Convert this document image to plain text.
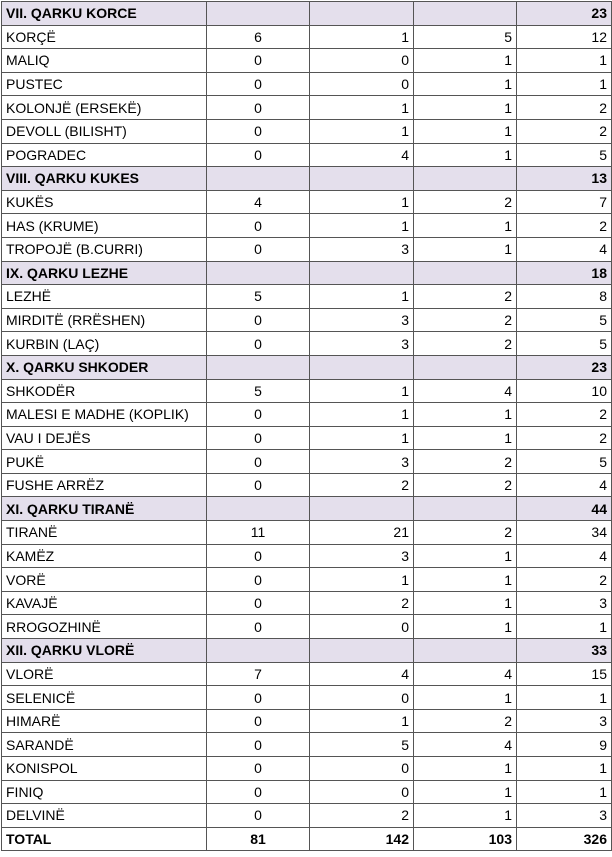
VII. QARKU KORCE				23
KORÇË	6	1	5	12
MALIQ	0	0	1	1
PUSTEC	0	0	1	1
KOLONJË (ERSEKË)	0	1	1	2
DEVOLL (BILISHT)	0	1	1	2
POGRADEC	0	4	1	5
VIII. QARKU KUKES				13
KUKËS	4	1	2	7
HAS (KRUME)	0	1	1	2
TROPOJË (B.CURRI)	0	3	1	4
IX. QARKU LEZHE				18
LEZHË	5	1	2	8
MIRDITË (RRËSHEN)	0	3	2	5
KURBIN (LAÇ)	0	3	2	5
X. QARKU SHKODER				23
SHKODËR	5	1	4	10
MALESI E MADHE (KOPLIK)	0	1	1	2
VAU I DEJËS	0	1	1	2
PUKË	0	3	2	5
FUSHE ARRËZ	0	2	2	4
XI. QARKU TIRANË				44
TIRANË	11	21	2	34
KAMËZ	0	3	1	4
VORË	0	1	1	2
KAVAJË	0	2	1	3
RROGOZHINË	0	0	1	1
XII. QARKU VLORË				33
VLORË	7	4	4	15
SELENICË	0	0	1	1
HIMARË	0	1	2	3
SARANDË	0	5	4	9
KONISPOL	0	0	1	1
FINIQ	0	0	1	1
DELVINË	0	2	1	3
TOTAL	81	142	103	326
